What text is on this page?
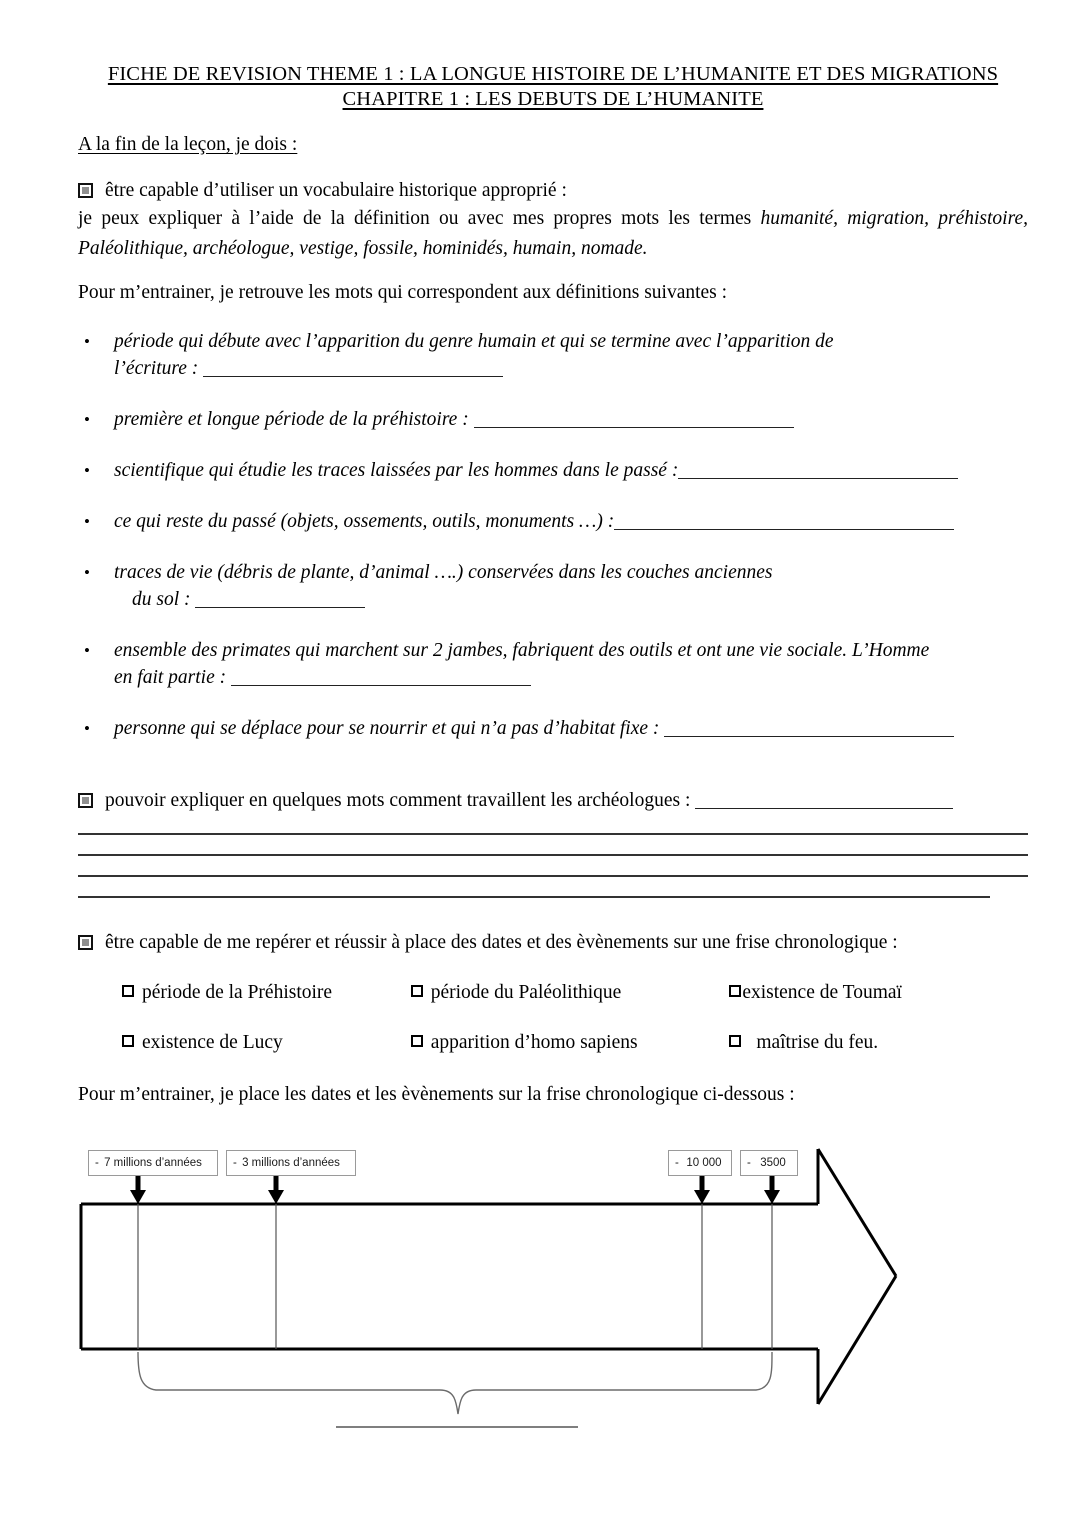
FICHE DE REVISION THEME 1 : LA LONGUE HISTOIRE DE L’HUMANITE ET DES MIGRATIONS
CHAPITRE 1 : LES DEBUTS DE L’HUMANITE
A la fin de la leçon, je dois :
être capable d’utiliser un vocabulaire historique approprié :
je peux expliquer à l’aide de la définition ou avec mes propres mots les termes humanité, migration, préhistoire, Paléolithique, archéologue, vestige, fossile, hominidés, humain, nomade.
Pour m’entrainer, je retrouve les mots qui correspondent aux définitions suivantes :
• période qui débute avec l’apparition du genre humain et qui se termine avec l’apparition de
l’écriture :
• première et longue période de la préhistoire :
• scientifique qui étudie les traces laissées par les hommes dans le passé :
• ce qui reste du passé (objets, ossements, outils, monuments …) :
• traces de vie (débris de plante, d’animal ….) conservées dans les couches anciennes
du sol :
• ensemble des primates qui marchent sur 2 jambes, fabriquent des outils et ont une vie sociale. L’Homme
en fait partie :
• personne qui se déplace pour se nourrir et qui n’a pas d’habitat fixe :
pouvoir expliquer en quelques mots comment travaillent les archéologues :
être capable de me repérer et réussir à place des dates et des èvènements sur une frise chronologique :
période de la Préhistoire	période du Paléolithique	existence de Toumaï
existence de Lucy	apparition d’homo sapiens	maîtrise du feu.
Pour m’entrainer, je place les dates et les èvènements sur la frise chronologique ci-dessous :
- 7 millions d’années	- 3 millions d’années	- 10 000	- 3500
